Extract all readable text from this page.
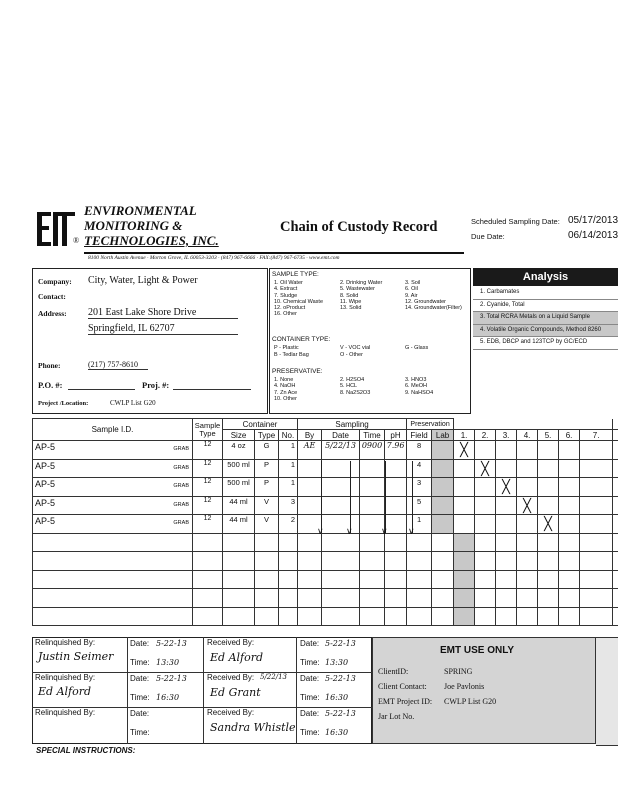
®
ENVIRONMENTAL
MONITORING &
TECHNOLOGIES, INC.
8100 North Austin Avenue · Morton Grove, IL 60053-3203 · (847) 967-6666 · FAX:(847) 967-6735 · www.emt.com
Chain of Custody Record	Scheduled Sampling Date: 05/17/2013
Due Date:	06/14/2013
Company: City, Water, Light & Power
Contact:
Address: 201 East Lake Shore Drive
Springfield, IL 62707
Phone:	(217) 757-8610
P.O. #:	Proj. #:
Project /Location:	CWLP List G20
SAMPLE TYPE:
1. Oil Water
4. Extract
7. Sludge
10. Chemical Waste
12. oProduct
16. Other
2. Drinking Water
5. Wastewater
8. Solid
11. Wipe
13. Solid
3. Soil
6. Oil
9. Air
12. Groundwater
14. Groundwater(Filter)
CONTAINER TYPE:
P - Plastic	V - VOC vial	G - Glass
B - Tedlar Bag	O - Other
PRESERVATIVE:
1. None
4. NaOH
7. Zn Ace
10. Other
2. H2SO4
5. HCL
8. Na2S2O3
3. HNO3
6. MeOH
9. NaHSO4
Analysis
1. Carbamates
2. Cyanide, Total
3. Total RCRA Metals on a Liquid Sample
4. Volatile Organic Compounds, Method 8260
5. EDB, DBCP and 123TCP by GC/ECD
Sample I.D.	Sample Type	Container			Sampling				Preservation									
		Size	Type	No.	By	Date	Time	pH	Field	Lab	1.	2.	3.	4.	5.	6.	7.	

AP-5 GRAB	12	4 oz	G	1	AE	5/22/13	0900	7.96	8		╳							

AP-5 GRAB	12	500 ml	P	1					4			╳						

AP-5 GRAB	12	500 ml	P	1					3				╳					

AP-5 GRAB	12	44 ml	V	3					5					╳				

AP-5 GRAB	12	44 ml	V	2					1						╳			

Relinquished By:
Justin Seimer
Date: 5-22-13
Time: 13:30
Received By:
Ed Alford
Date: 5-22-13
Time: 13:30
Relinquished By:
Ed Alford
Date: 5-22-13
Time: 16:30
Received By: 5/22/13
Ed Grant
Date: 5-22-13
Time: 16:30
Relinquished By:	Date:
Time:
Received By:
Sandra Whistle
Date: 5-22-13
Time: 16:30
EMT USE ONLY
ClientID:	SPRING
Client Contact: Joe Pavlonis
EMT Project ID: CWLP List G20
Jar Lot No.
SPECIAL INSTRUCTIONS:
∨ ∨	∨ ∨
